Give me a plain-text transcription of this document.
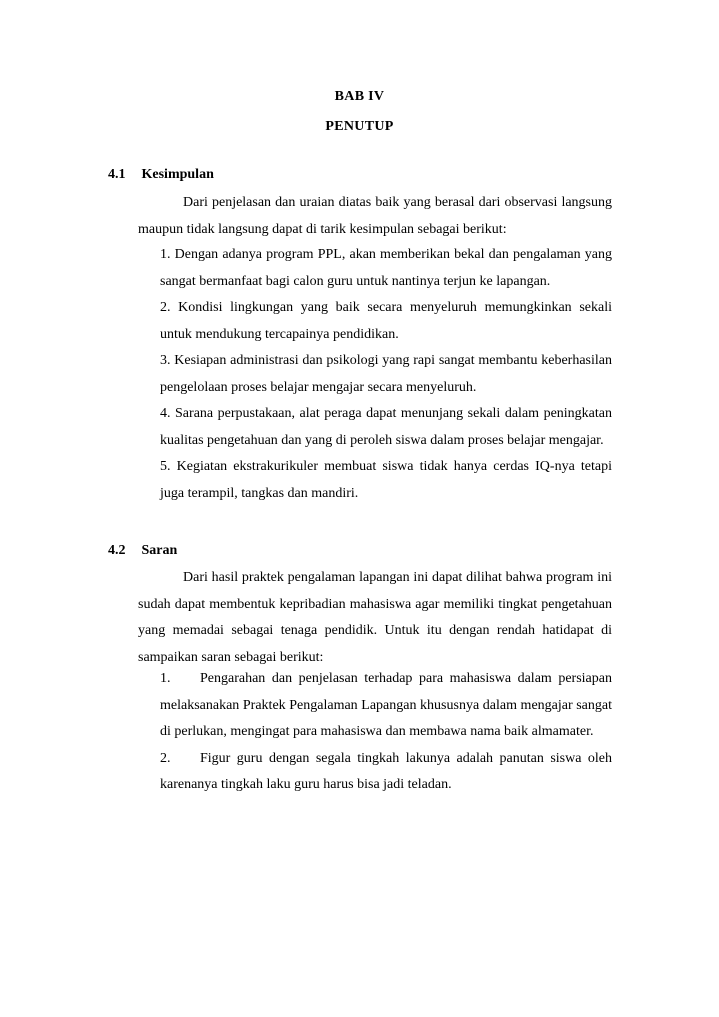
BAB IV
PENUTUP
4.1 Kesimpulan
Dari penjelasan dan uraian diatas baik yang berasal dari observasi langsung maupun tidak langsung dapat di tarik kesimpulan sebagai berikut:
1. Dengan adanya program PPL, akan memberikan bekal dan pengalaman yang sangat bermanfaat bagi calon guru untuk nantinya terjun ke lapangan.
2. Kondisi lingkungan yang baik secara menyeluruh memungkinkan sekali untuk mendukung tercapainya pendidikan.
3. Kesiapan administrasi dan psikologi yang rapi sangat membantu keberhasilan pengelolaan proses belajar mengajar secara menyeluruh.
4. Sarana perpustakaan, alat peraga dapat menunjang sekali dalam peningkatan kualitas pengetahuan dan yang di peroleh siswa dalam proses belajar mengajar.
5. Kegiatan ekstrakurikuler membuat siswa tidak hanya cerdas IQ-nya tetapi juga terampil, tangkas dan mandiri.
4.2 Saran
Dari hasil praktek pengalaman lapangan ini dapat dilihat bahwa program ini sudah dapat membentuk kepribadian mahasiswa agar memiliki tingkat pengetahuan yang memadai sebagai tenaga pendidik. Untuk itu dengan rendah hatidapat di sampaikan saran sebagai berikut:
1. Pengarahan dan penjelasan terhadap para mahasiswa dalam persiapan melaksanakan Praktek Pengalaman Lapangan khususnya dalam mengajar sangat di perlukan, mengingat para mahasiswa dan membawa nama baik almamater.
2. Figur guru dengan segala tingkah lakunya adalah panutan siswa oleh karenanya tingkah laku guru harus bisa jadi teladan.
